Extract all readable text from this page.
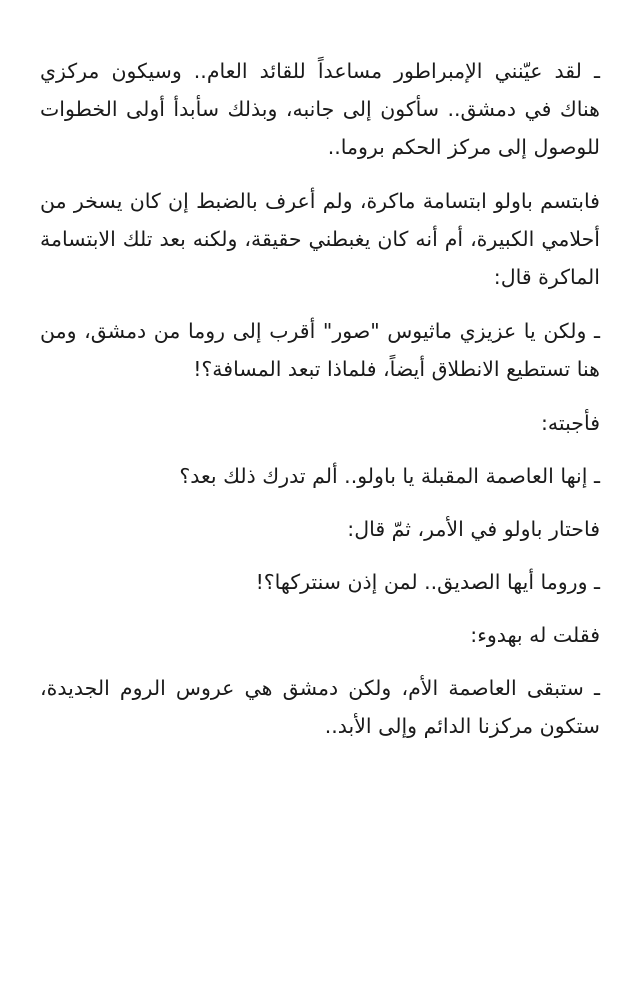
ـ لقد عيّنني الإمبراطور مساعداً للقائد العام.. وسيكون مركزي هناك في دمشق.. سأكون إلى جانبه، وبذلك سأبدأ أولى الخطوات للوصول إلى مركز الحكم بروما..

فابتسم باولو ابتسامة ماكرة، ولم أعرف بالضبط إن كان يسخر من أحلامي الكبيرة، أم أنه كان يغبطني حقيقة، ولكنه بعد تلك الابتسامة الماكرة قال:

ـ ولكن يا عزيزي ماثيوس "صور" أقرب إلى روما من دمشق، ومن هنا تستطيع الانطلاق أيضاً، فلماذا تبعد المسافة؟!

فأجبته:

ـ إنها العاصمة المقبلة يا باولو.. ألم تدرك ذلك بعد؟

فاحتار باولو في الأمر، ثمّ قال:

ـ وروما أيها الصديق.. لمن إذن سنتركها؟!

فقلت له بهدوء:

ـ ستبقى العاصمة الأم، ولكن دمشق هي عروس الروم الجديدة، ستكون مركزنا الدائم وإلى الأبد..
